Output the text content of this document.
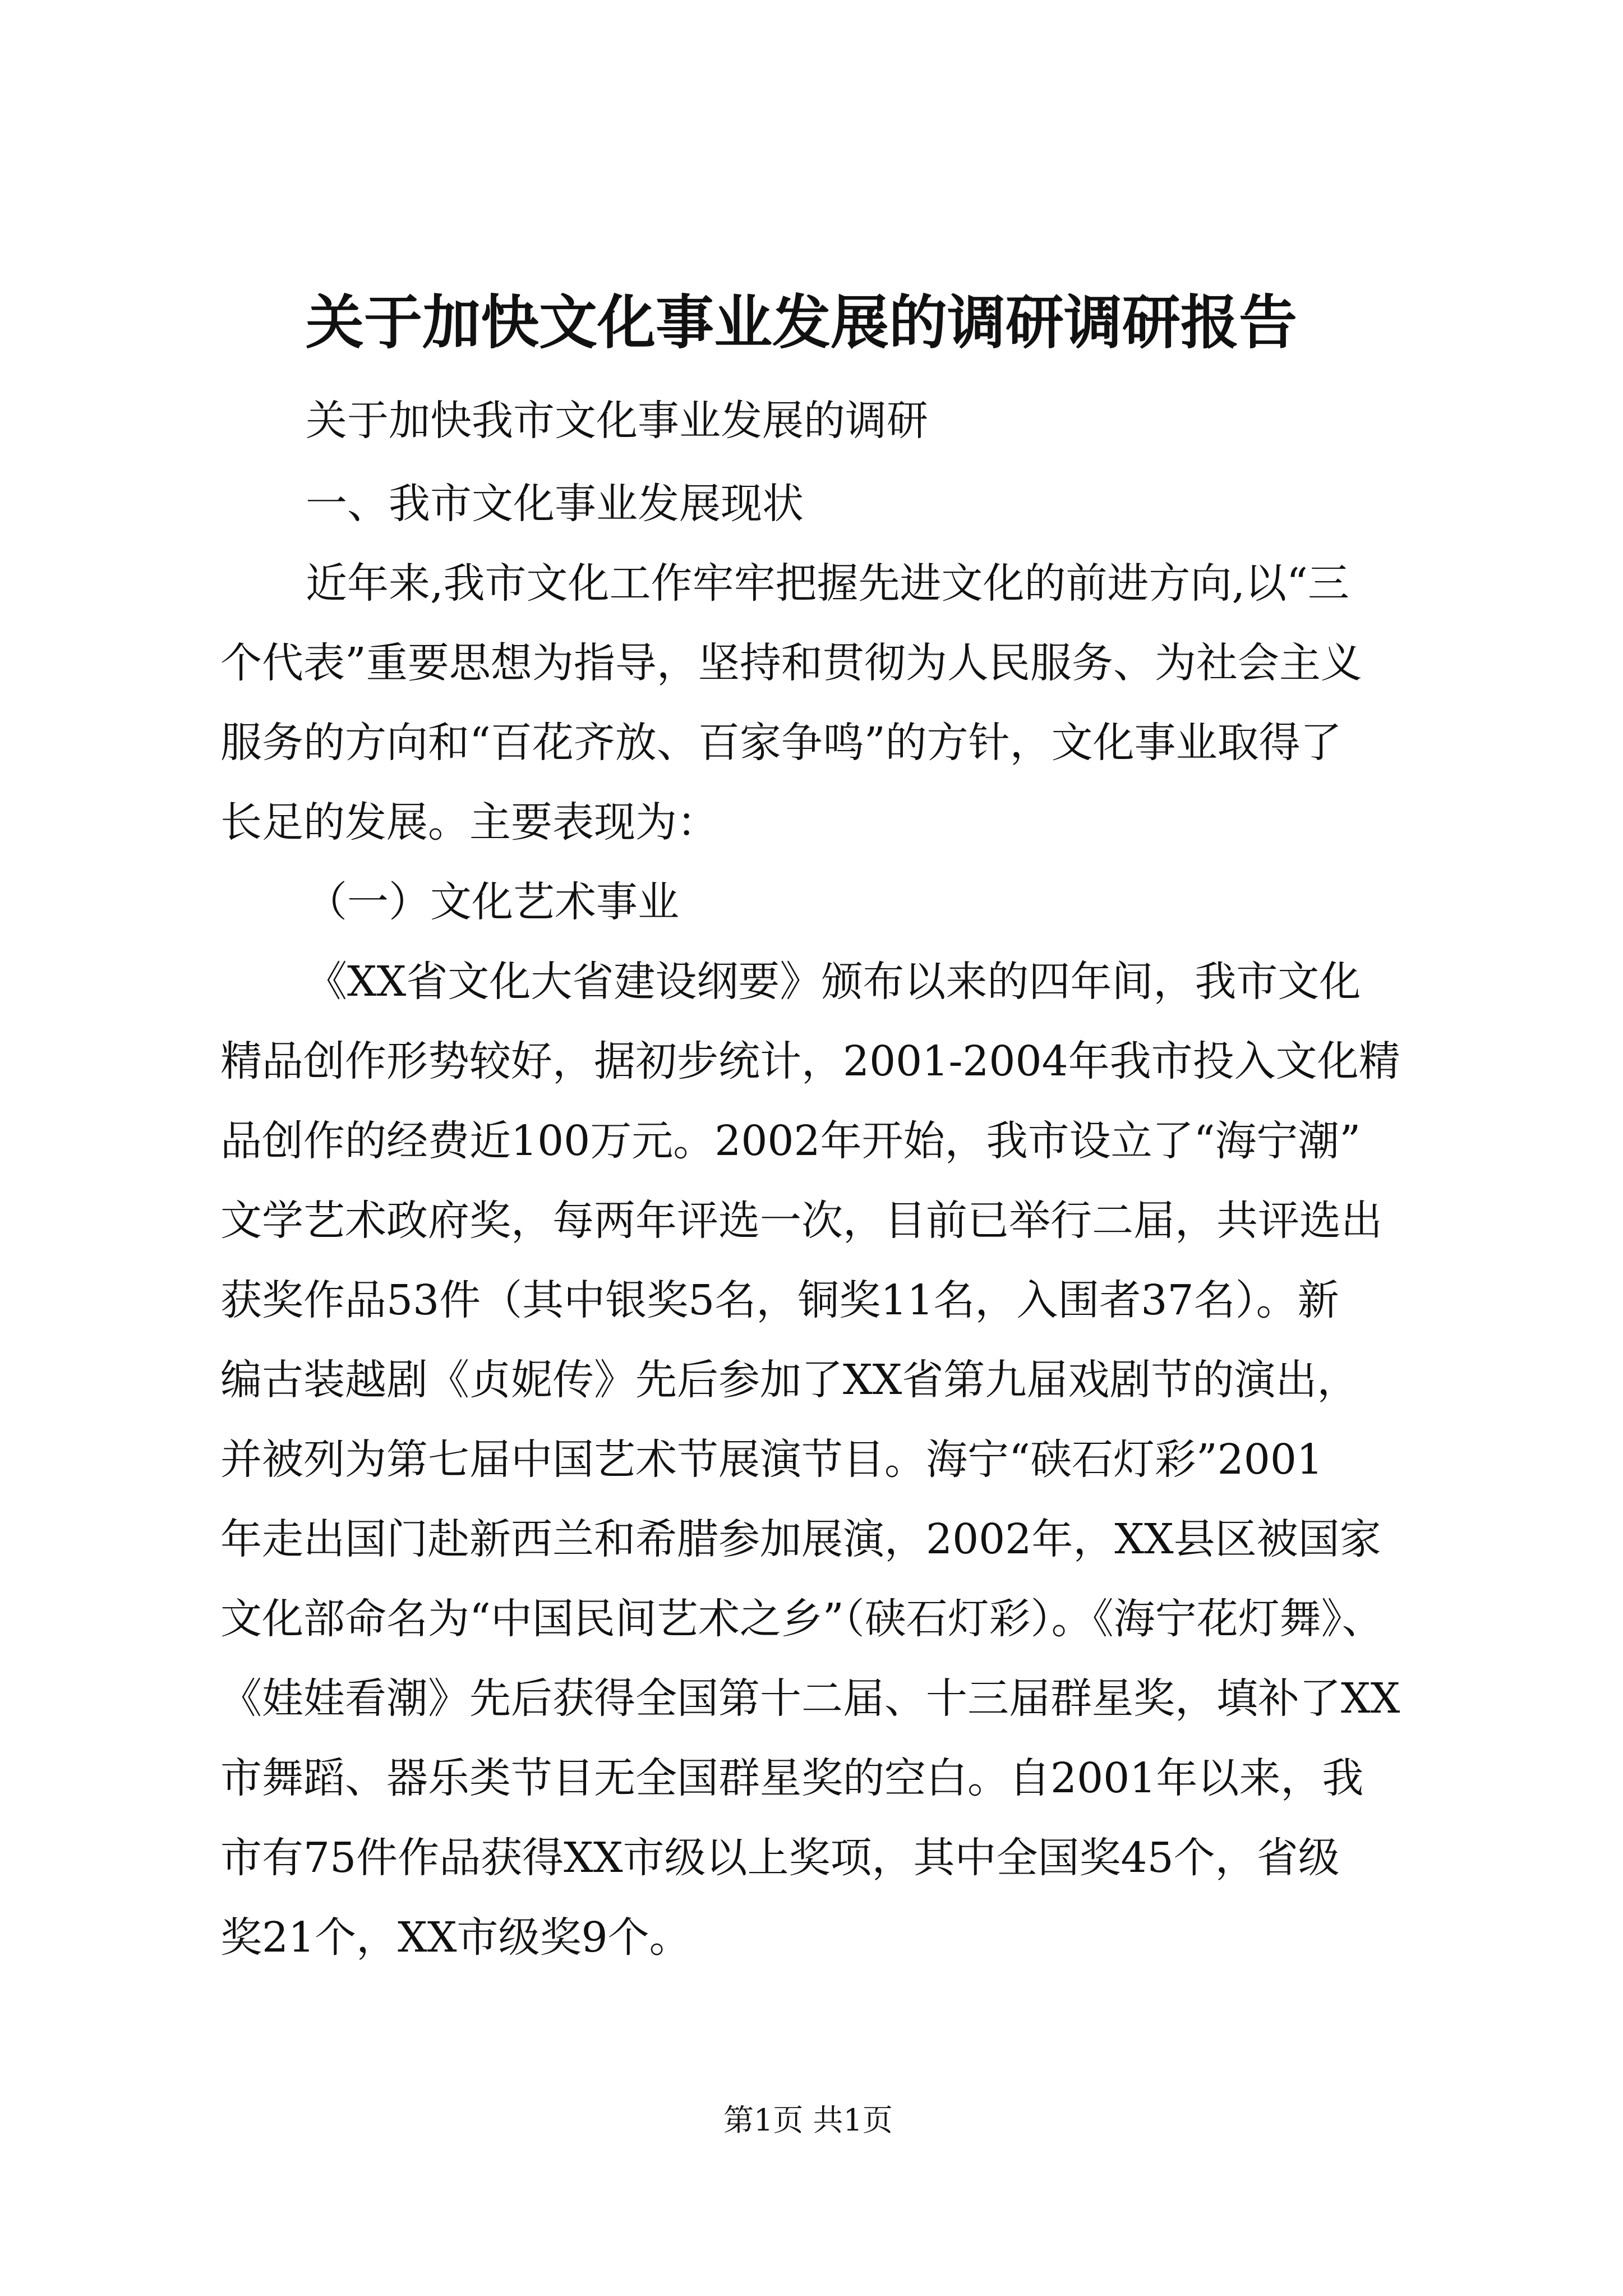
关于加快文化事业发展的调研调研报告
关于加快我市文化事业发展的调研
一、我市文化事业发展现状
近年来,我市文化工作牢牢把握先进文化的前进方向,以“三
个代表”重要思想为指导，坚持和贯彻为人民服务、为社会主义
服务的方向和“百花齐放、百家争鸣”的方针，文化事业取得了
长足的发展。主要表现为：
（一）文化艺术事业
《XX省文化大省建设纲要》颁布以来的四年间，我市文化
精品创作形势较好，据初步统计，2001-2004年我市投入文化精
品创作的经费近100万元。2002年开始，我市设立了“海宁潮”
文学艺术政府奖，每两年评选一次，目前已举行二届，共评选出
获奖作品53件（其中银奖5名，铜奖11名，入围者37名）。新
编古装越剧《贞妮传》先后参加了XX省第九届戏剧节的演出，
并被列为第七届中国艺术节展演节目。海宁“硖石灯彩”2001
年走出国门赴新西兰和希腊参加展演，2002年，XX县区被国家
文化部命名为“中国民间艺术之乡”（硖石灯彩）。《海宁花灯舞》、
《娃娃看潮》先后获得全国第十二届、十三届群星奖，填补了XX
市舞蹈、器乐类节目无全国群星奖的空白。自2001年以来，我
市有75件作品获得XX市级以上奖项，其中全国奖45个，省级
奖21个，XX市级奖9个。
第1页 共1页
